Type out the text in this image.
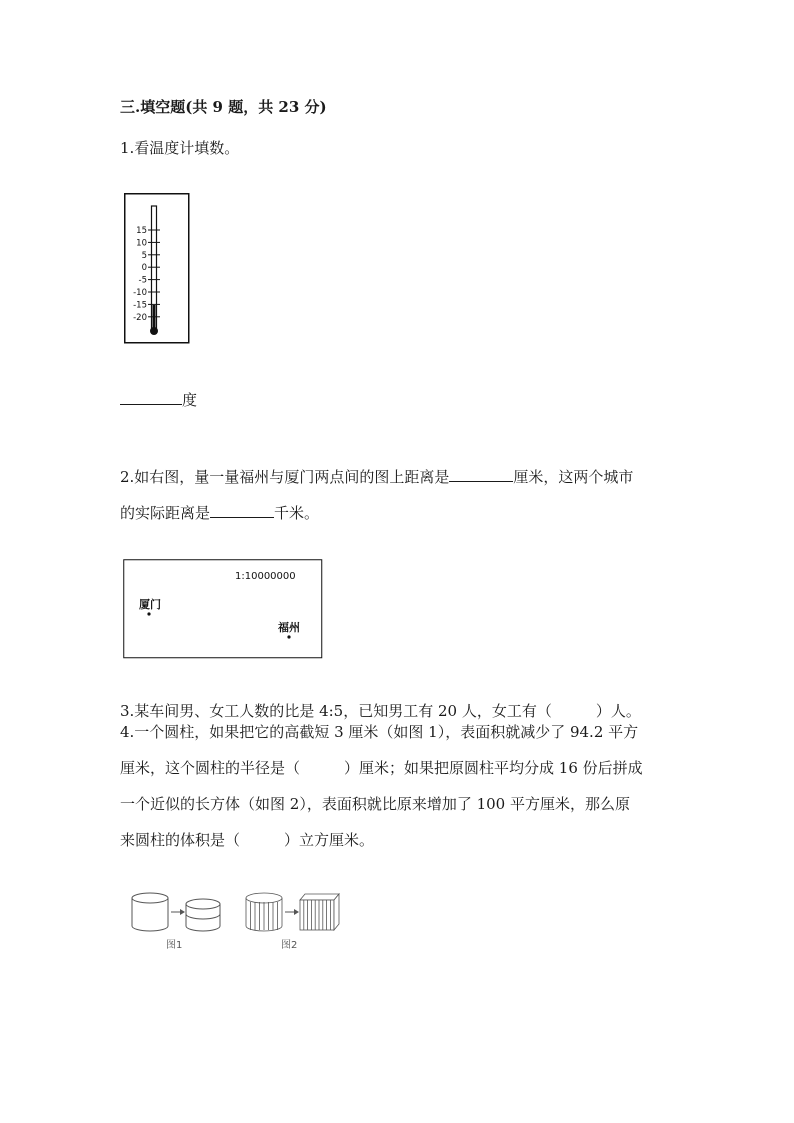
三.填空题(共 9 题，共 23 分)
1.看温度计填数。
15
10
5
0
-5
-10
-15
-20
度
2.如右图，量一量福州与厦门两点间的图上距离是	厘米，这两个城市
的实际距离是	千米。
1:10000000
厦门
福州
3.某车间男、女工人数的比是 4:5，已知男工有 20 人，女工有（	）人。
4.一个圆柱，如果把它的高截短 3 厘米（如图 1），表面积就减少了 94.2 平方
厘米，这个圆柱的半径是（	）厘米；如果把原圆柱平均分成 16 份后拼成
一个近似的长方体（如图 2），表面积就比原来增加了 100 平方厘米，那么原
来圆柱的体积是（	）立方厘米。
图1	图2
